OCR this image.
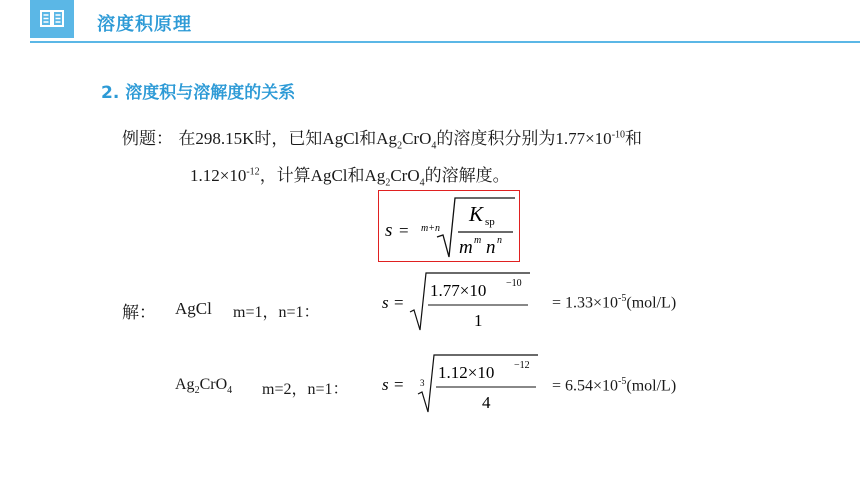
溶度积原理
2. 溶度积与溶解度的关系
例题： 在298.15K时，已知AgCl和$Ag_2CrO_4$的溶度积分别为$1.77\times 10^{-10}$和
$1.12\times 10^{-12}$，计算AgCl和$Ag_2CrO_4$的溶解度。
s = m+n
K sp
m m n n
解： AgCl m=1，n=1：
s =
1.77×10 −10
1
= $1.33\times 10^{-5}(mol/L)$
$Ag_2CrO_4$ m=2，n=1： s = 3
1.12×10 −12
4
= $6.54\times 10^{-5}(mol/L)$
